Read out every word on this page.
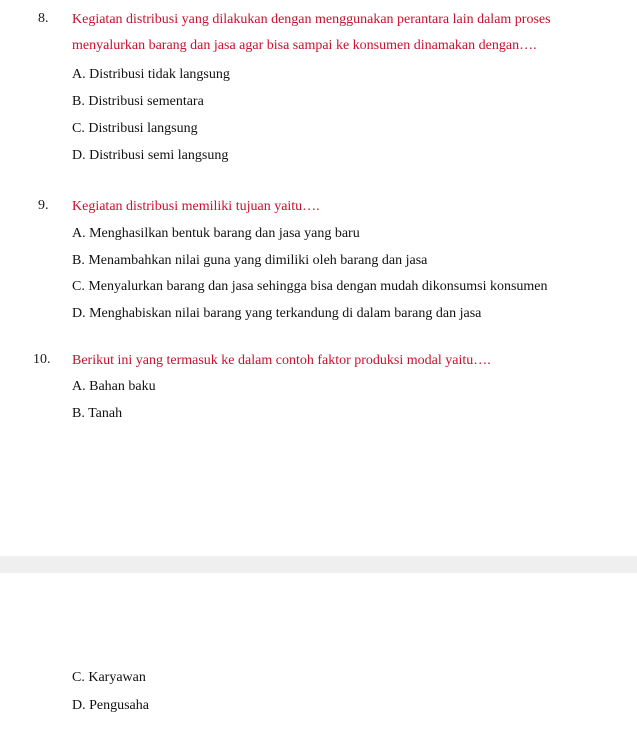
8. Kegiatan distribusi yang dilakukan dengan menggunakan perantara lain dalam proses
menyalurkan barang dan jasa agar bisa sampai ke konsumen dinamakan dengan….
A. Distribusi tidak langsung
B. Distribusi sementara
C. Distribusi langsung
D. Distribusi semi langsung
9. Kegiatan distribusi memiliki tujuan yaitu….
A. Menghasilkan bentuk barang dan jasa yang baru
B. Menambahkan nilai guna yang dimiliki oleh barang dan jasa
C. Menyalurkan barang dan jasa sehingga bisa dengan mudah dikonsumsi konsumen
D. Menghabiskan nilai barang yang terkandung di dalam barang dan jasa
10. Berikut ini yang termasuk ke dalam contoh faktor produksi modal yaitu….
A. Bahan baku
B. Tanah
C. Karyawan
D. Pengusaha
